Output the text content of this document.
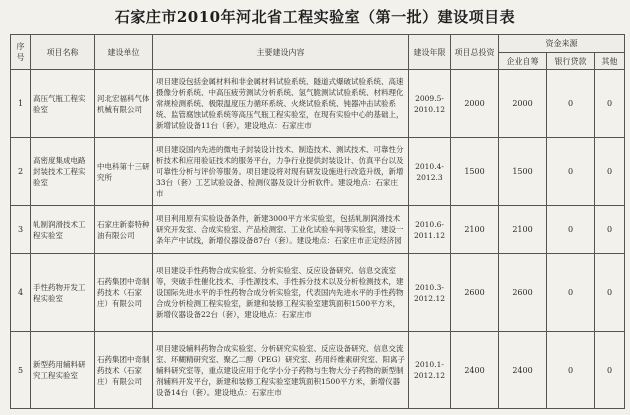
石家庄市2010年河北省工程实验室（第一批）建设项目表
序号	项目名称	建设单位	主要建设内容	建设年限	项目总投资	资金来源		
						企业自筹	银行贷款	其他
1	高压气瓶工程实验室	河北宏福科气体机械有限公司	项目建设包括金属材料和非金属材料试验系统、隧道式爆破试验系统、高速摄像分析系统、中高压疲劳测试分析系统、氢气脆测试试验系统、材料理化常规检测系统、极限温度压力循环系统、火烧试验系统、钝器冲击试验系统、监管腐蚀试验系统等高压气瓶工程实验室，在现有实验中心的基础上，新增试验设备11台（套），建设地点：石家庄市	2009.5-2010.12	2000	2000	0	0
2	高密度集成电路封装技术工程实验室	中电科第十三研究所	项目建设国内先进的微电子封装设计技术、制造技术、测试技术、可靠性分析技术和应用验证技术的服务平台，力争行业提供封装设计、仿真平台以及可靠性分析与评价等服务。项目建设将对现有研发设施进行改造升级，新增33台（套）工艺试验设备、检测仪器及设计分析软件。建设地点：石家庄市	2010.4-2012.3	1500	1500	0	0
3	轧制润滑技术工程实验室	石家庄新泰特种油有限公司	项目利用原有实验设备条件，新建3000平方米实验室，包括轧制润滑技术研究开发室、合成实验室、产品检测室、工业化试验车间等实验室，建设一条年产中试线，新增仪器设备87台（套）。建设地点：石家庄市正定经济园	2010.6-2011.12	2100	2100	0	0
4	手性药物开发工程实验室	石药集团中奇制药技术（石家庄）有限公司	项目建设手性药物合成实验室、分析实验室、反应设备研究、信息交流室等，突破手性催化技术、手性源技术、手性拆分技术以及分析检测技术，建设国际先进水平的手性药物合成分析实验室，代表国内先进水平的手性药物合成分析检测工程实验室，新建和装修工程实验室建筑面积1500平方米，新增仪器设备22台（套），建设地点：石家庄市	2010.3-2012.12	2600	2600	0	0
5	新型药用辅料研究工程实验室	石药集团中奇制药技术（石家庄）有限公司	项目建设辅料药物合成实验室、分析研究实验室、反应设备研究、信息交流室、环糊精研究室、聚乙二醇（PEG）研究室、药用纤维素研究室、阳离子辅料研究室等，重点建设应用于化学小分子药物与生物大分子药物的新型制剂辅料开发平台，新建和装修工程实验室建筑面积1500平方米，新增仪器设备14台（套）。建设地点：石家庄市	2010.1-2012.12	2400	2400	0	0
